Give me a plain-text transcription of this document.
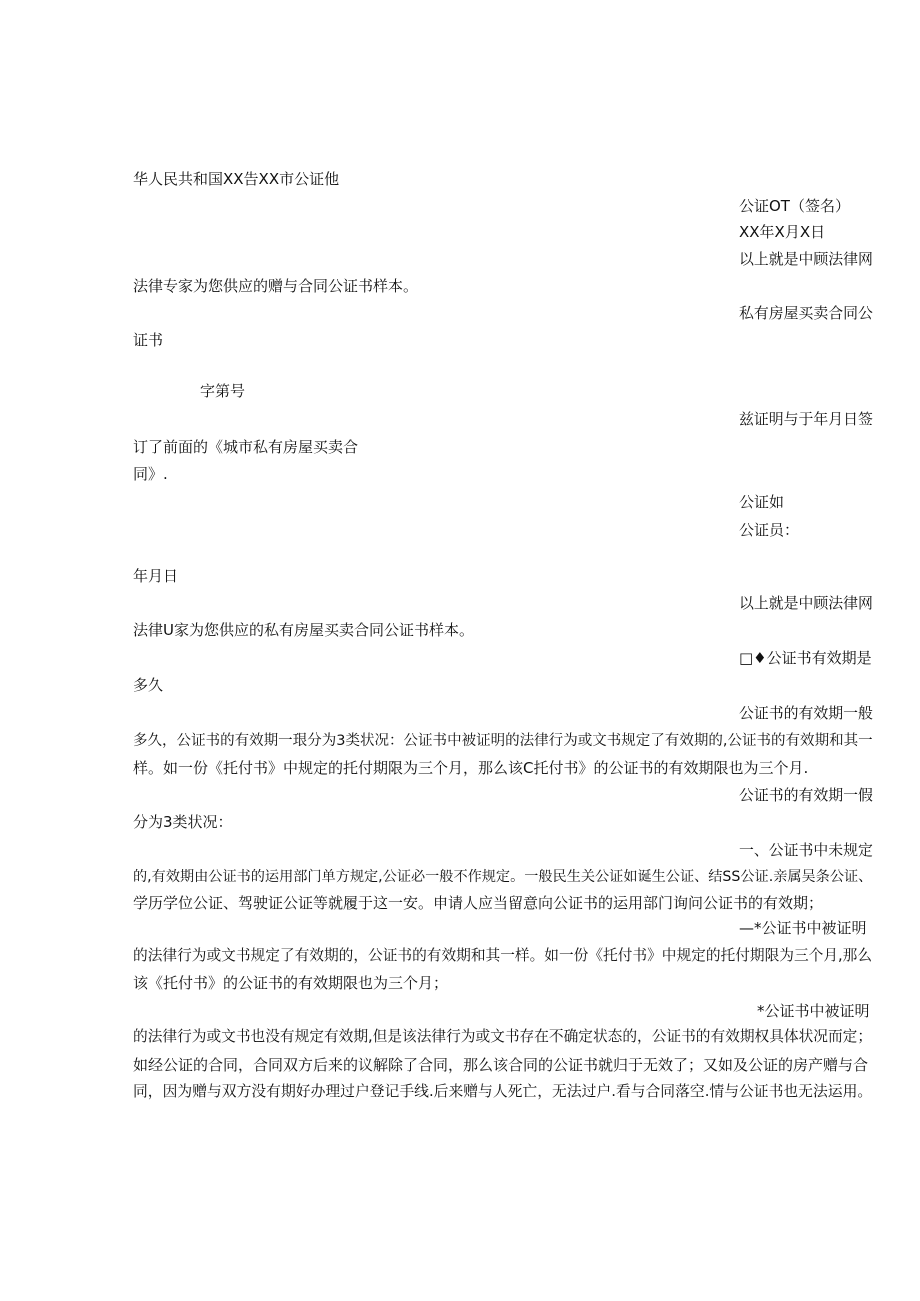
华人民共和国XX告XX市公证他
公证OT（签名）
XX年X月X日
以上就是中顾法律网
法律专家为您供应的赠与合同公证书样本。
私有房屋买卖合同公
证书
字第号
兹证明与于年月日签
订了前面的《城市私有房屋买卖合
同》.
公证如
公证员：
年月日
以上就是中顾法律网
法律U家为您供应的私有房屋买卖合同公证书样本。
□♦公证书有效期是
多久
公证书的有效期一般
多久，公证书的有效期一珢分为3类状况：公证书中被证明的法律行为或文书规定了有效期的,公证书的有效期和其一
样。如一份《托付书》中规定的托付期限为三个月，那么该C托付书》的公证书的有效期限也为三个月.
公证书的有效期一假
分为3类状况：
一、公证书中未规定
的,有效期由公证书的运用部门单方规定,公证必一般不作规定。一般民生关公证如诞生公证、结SS公证.亲属吴条公证、
学历学位公证、驾驶证公证等就履于这一安。申请人应当留意向公证书的运用部门询问公证书的有效期；
—*公证书中被证明
的法律行为或文书规定了有效期的，公证书的有效期和其一样。如一份《托付书》中规定的托付期限为三个月,那么
该《托付书》的公证书的有效期限也为三个月；
*公证书中被证明
的法律行为或文书也没有规定有效期,但是该法律行为或文书存在不确定状态的，公证书的有效期权具体状况而定；
如经公证的合同，合同双方后来的议解除了合同，那么该合同的公证书就归于无效了；又如及公证的房产赠与合
同，因为赠与双方没有期好办理过户登记手线.后来赠与人死亡，无法过户.看与合同落空.情与公证书也无法运用。
